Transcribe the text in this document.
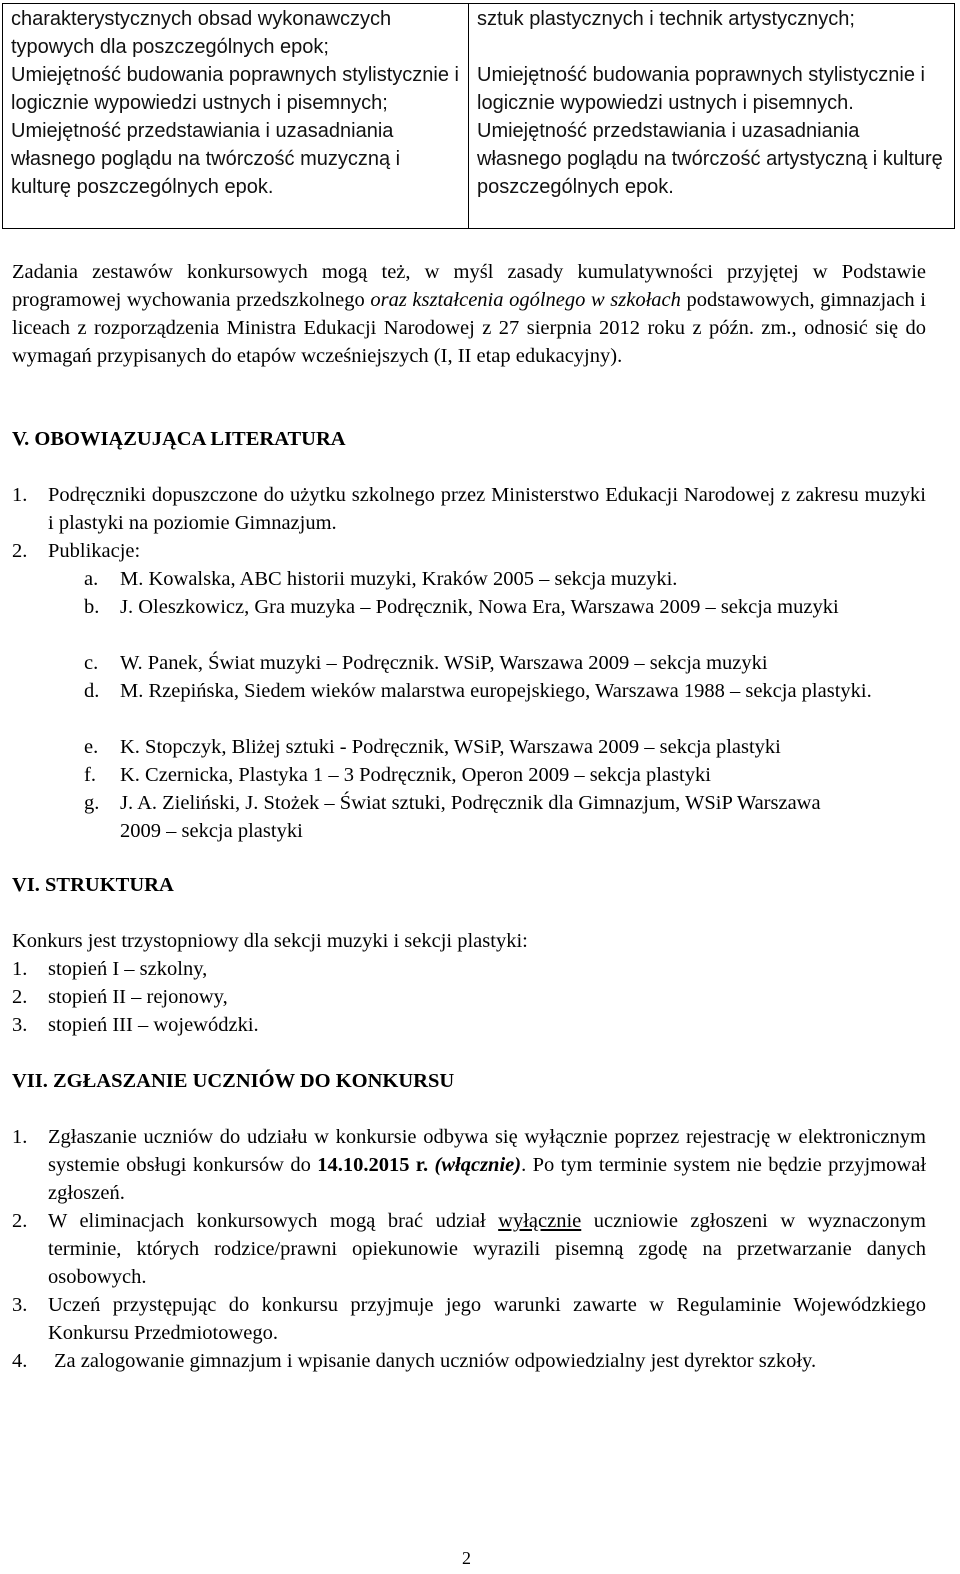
charakterystycznych obsad wykonawczych typowych dla poszczególnych epok;

Umiejętność budowania poprawnych stylistycznie i logicznie wypowiedzi ustnych i pisemnych;

Umiejętność przedstawiania i uzasadniania własnego poglądu na twórczość muzyczną i kulturę poszczególnych epok.

sztuk plastycznych i technik artystycznych;

Umiejętność budowania poprawnych stylistycznie i logicznie wypowiedzi ustnych i pisemnych.

Umiejętność przedstawiania i uzasadniania własnego poglądu na twórczość artystyczną i kulturę poszczególnych epok.

Zadania zestawów konkursowych mogą też, w myśl zasady kumulatywności przyjętej w Podstawie programowej wychowania przedszkolnego oraz kształcenia ogólnego w szkołach podstawowych, gimnazjach i liceach z rozporządzenia Ministra Edukacji Narodowej z 27 sierpnia 2012 roku z późn. zm., odnosić się do wymagań przypisanych do etapów wcześniejszych (I, II etap edukacyjny).
V. OBOWIĄZUJĄCA LITERATURA
1. Podręczniki dopuszczone do użytku szkolnego przez Ministerstwo Edukacji Narodowej z zakresu muzyki i plastyki na poziomie Gimnazjum.
2. Publikacje:
a. M. Kowalska, ABC historii muzyki, Kraków 2005 – sekcja muzyki.
b. J. Oleszkowicz, Gra muzyka – Podręcznik, Nowa Era, Warszawa 2009 – sekcja muzyki
c. W. Panek, Świat muzyki – Podręcznik. WSiP, Warszawa 2009 – sekcja muzyki
d. M. Rzepińska, Siedem wieków malarstwa europejskiego, Warszawa 1988 – sekcja plastyki.
e. K. Stopczyk, Bliżej sztuki - Podręcznik, WSiP, Warszawa 2009 – sekcja plastyki
f. K. Czernicka, Plastyka 1 – 3 Podręcznik, Operon 2009 – sekcja plastyki
g. J. A. Zieliński, J. Stożek – Świat sztuki, Podręcznik dla Gimnazjum, WSiP Warszawa 2009 – sekcja plastyki
VI. STRUKTURA
Konkurs jest trzystopniowy dla sekcji muzyki i sekcji plastyki:
1. stopień I – szkolny,
2. stopień II – rejonowy,
3. stopień III – wojewódzki.
VII. ZGŁASZANIE UCZNIÓW DO KONKURSU
1. Zgłaszanie uczniów do udziału w konkursie odbywa się wyłącznie poprzez rejestrację w elektronicznym systemie obsługi konkursów do 14.10.2015 r. (włącznie). Po tym terminie system nie będzie przyjmował zgłoszeń.
2. W eliminacjach konkursowych mogą brać udział wyłącznie uczniowie zgłoszeni w wyznaczonym terminie, których rodzice/prawni opiekunowie wyrazili pisemną zgodę na przetwarzanie danych osobowych.
3. Uczeń przystępując do konkursu przyjmuje jego warunki zawarte w Regulaminie Wojewódzkiego Konkursu Przedmiotowego.
4. Za zalogowanie gimnazjum i wpisanie danych uczniów odpowiedzialny jest dyrektor szkoły.
2
